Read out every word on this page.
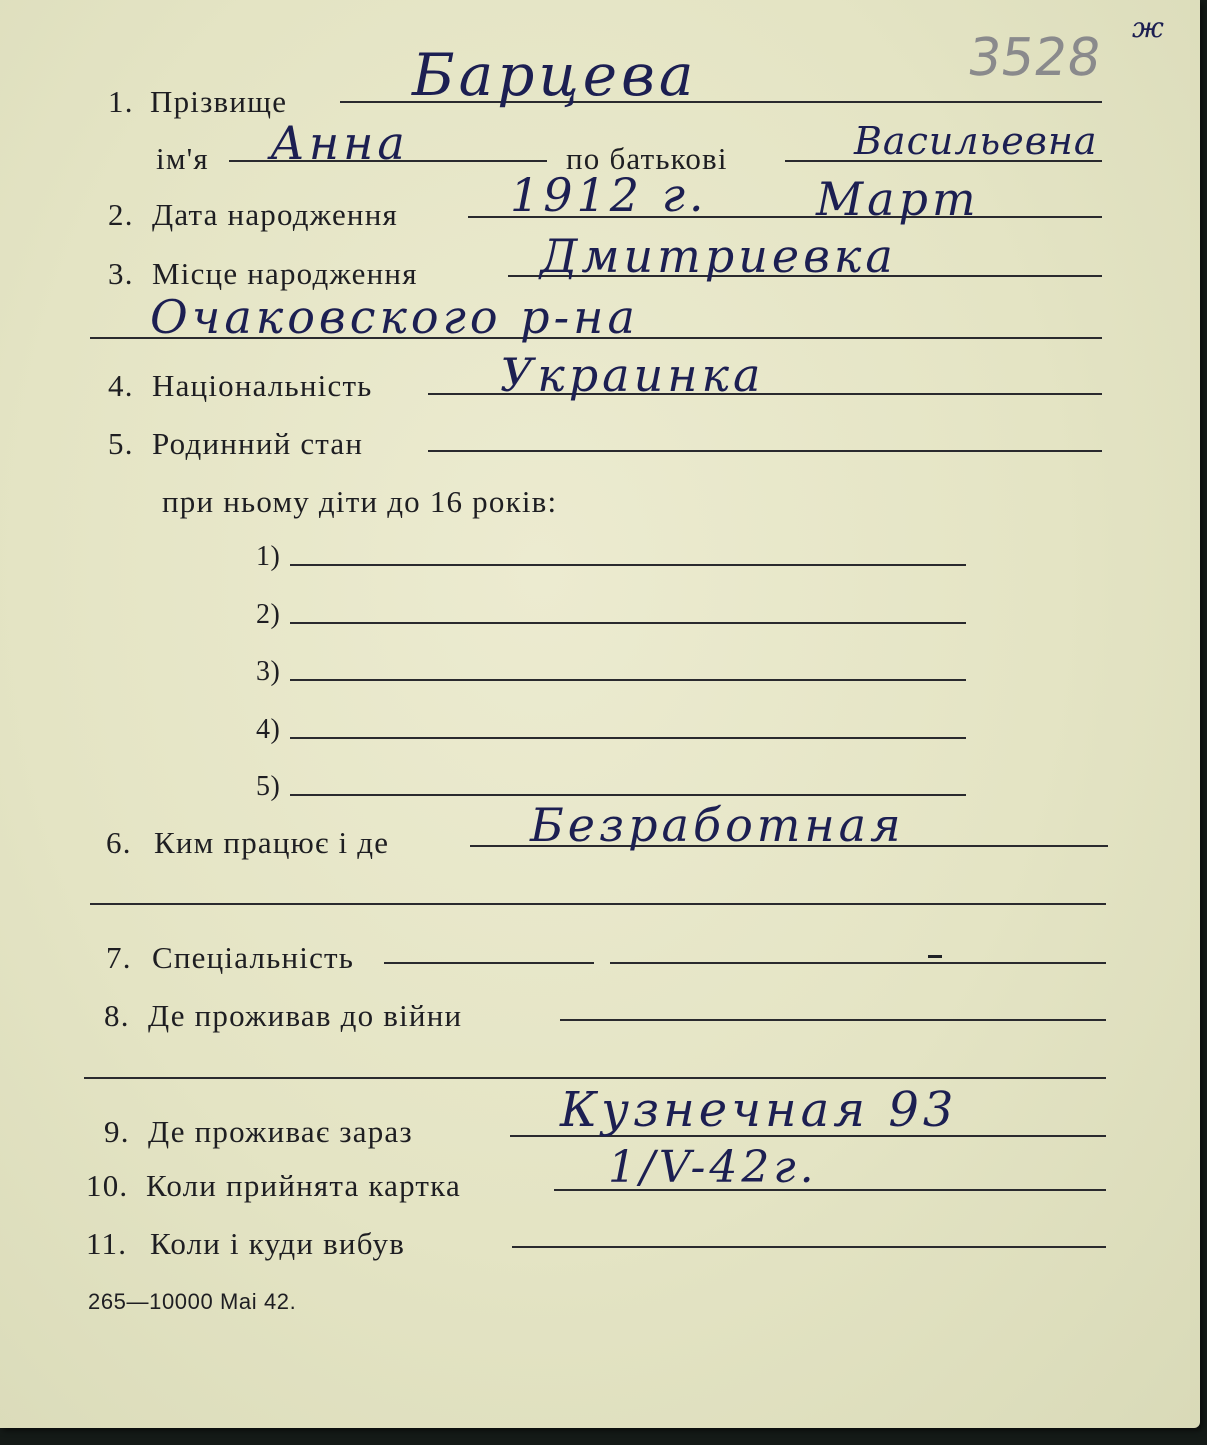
3528
ж
1. Прізвище Барцева
ім'я Анна	по батькові	Васильевна
2. Дата народження 1912 г. Март
3. Місце народження	Дмитриевка
Очаковского р-на
4. Національність	Украинка
5. Родинний стан
при ньому діти до 16 років:
1)
2)
3)
4)
5)
6. Ким працює і де	Безработная
7. Спеціальність
8. Де проживав до війни
9. Де проживає зараз	Кузнечная 93
10. Коли прийнята картка	1/V-42г.
11. Коли і куди вибув
265—10000 Mai 42.
